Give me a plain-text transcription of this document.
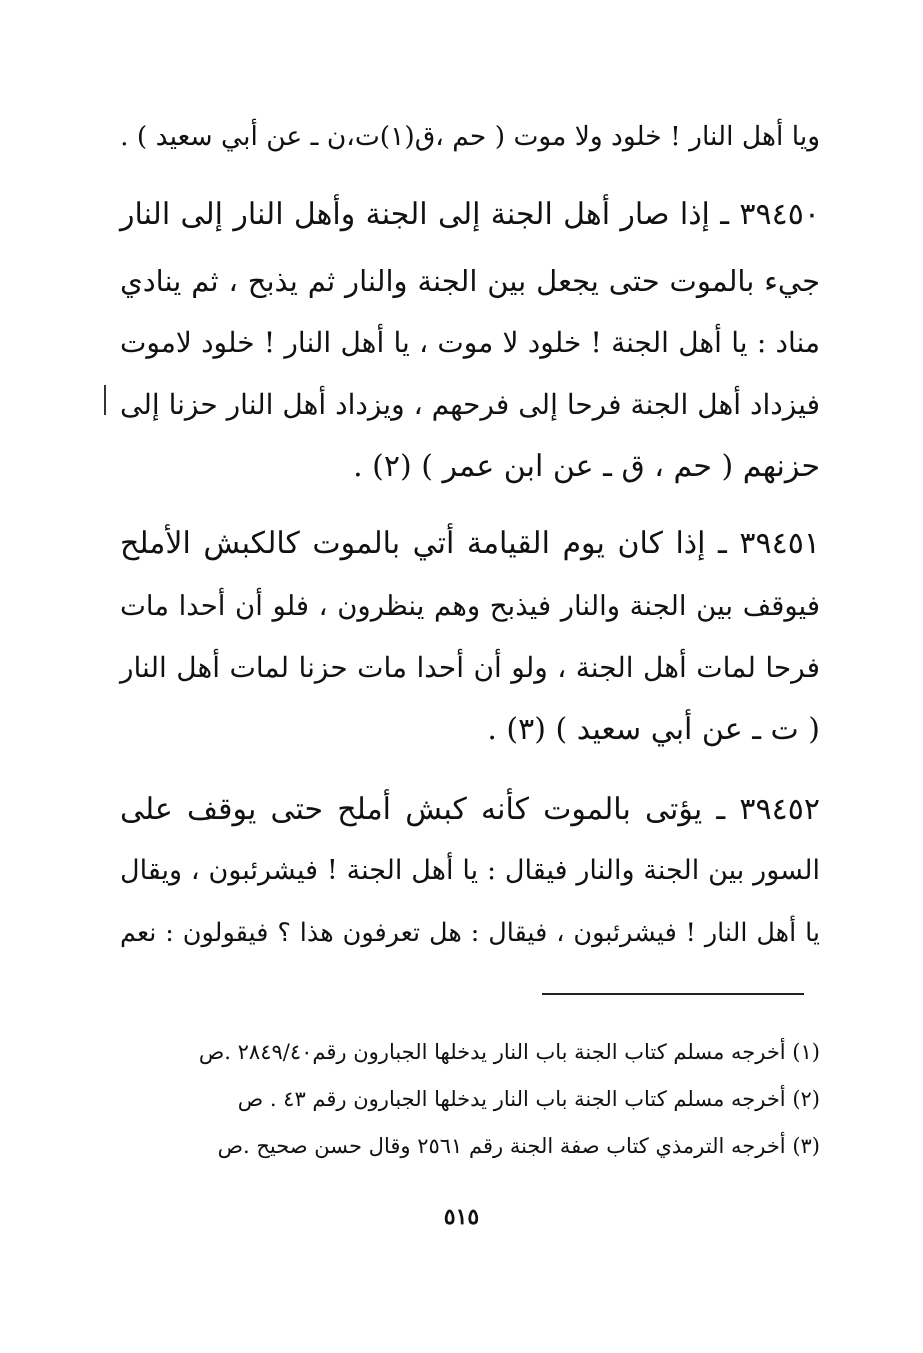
ويا أهل النار ! خلود ولا موت ( حم ،ق(١)ت،ن ـ عن أبي سعيد ) .
٣٩٤٥٠ ـ إذا صار أهل الجنة إلى الجنة وأهل النار إلى النار
جيء بالموت حتى يجعل بين الجنة والنار ثم يذبح ، ثم ينادي
مناد : يا أهل الجنة ! خلود لا موت ، يا أهل النار ! خلود لاموت
فيزداد أهل الجنة فرحا إلى فرحهم ، ويزداد أهل النار حزنا إلى
حزنهم ( حم ، ق ـ عن ابن عمر ) (٢) .
٣٩٤٥١ ـ إذا كان يوم القيامة أتي بالموت كالكبش الأملح
فيوقف بين الجنة والنار فيذبح وهم ينظرون ، فلو أن أحدا مات
فرحا لمات أهل الجنة ، ولو أن أحدا مات حزنا لمات أهل النار
( ت ـ عن أبي سعيد ) (٣) .
٣٩٤٥٢ ـ يؤتى بالموت كأنه كبش أملح حتى يوقف على
السور بين الجنة والنار فيقال : يا أهل الجنة ! فيشرئبون ، ويقال
يا أهل النار ! فيشرئبون ، فيقال : هل تعرفون هذا ؟ فيقولون : نعم
(١) أخرجه مسلم كتاب الجنة باب النار يدخلها الجبارون رقم٢٨٤٩/٤٠ .ص
(٢) أخرجه مسلم كتاب الجنة باب النار يدخلها الجبارون رقم ٤٣ . ص
(٣) أخرجه الترمذي كتاب صفة الجنة رقم ٢٥٦١ وقال حسن صحيح .ص
٥١٥
